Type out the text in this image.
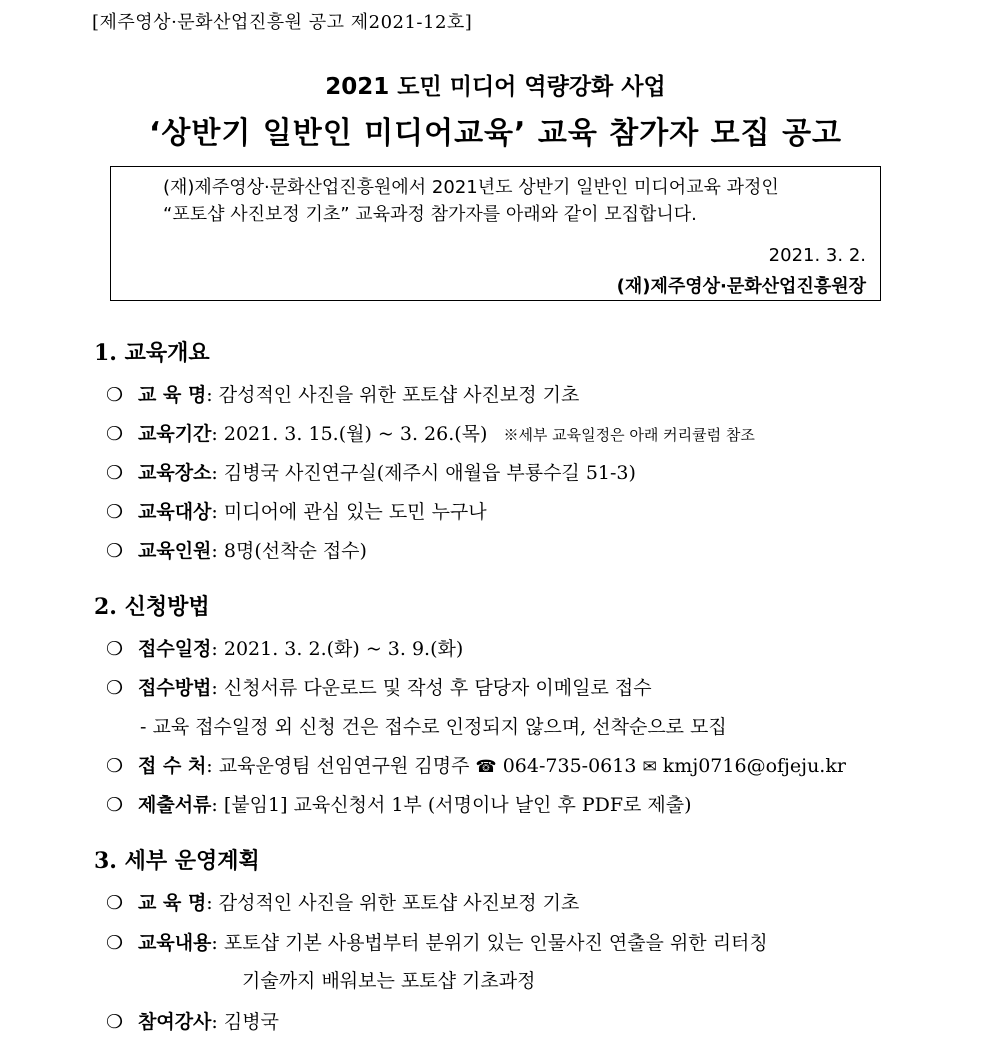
[제주영상·문화산업진흥원 공고 제2021-12호]
2021 도민 미디어 역량강화 사업
‘상반기 일반인 미디어교육’ 교육 참가자 모집 공고
(재)제주영상·문화산업진흥원에서 2021년도 상반기 일반인 미디어교육 과정인
“포토샵 사진보정 기초” 교육과정 참가자를 아래와 같이 모집합니다.
2021. 3. 2.
(재)제주영상·문화산업진흥원장
1. 교육개요
❍ 교 육 명: 감성적인 사진을 위한 포토샵 사진보정 기초
❍ 교육기간: 2021. 3. 15.(월) ~ 3. 26.(목) ※세부 교육일정은 아래 커리큘럼 참조
❍ 교육장소: 김병국 사진연구실(제주시 애월읍 부룡수길 51-3)
❍ 교육대상: 미디어에 관심 있는 도민 누구나
❍ 교육인원: 8명(선착순 접수)
2. 신청방법
❍ 접수일정: 2021. 3. 2.(화) ~ 3. 9.(화)
❍ 접수방법: 신청서류 다운로드 및 작성 후 담당자 이메일로 접수
- 교육 접수일정 외 신청 건은 접수로 인정되지 않으며, 선착순으로 모집
❍ 접 수 처: 교육운영팀 선임연구원 김명주 ☎ 064-735-0613 ✉ kmj0716@ofjeju.kr
❍ 제출서류: [붙임1] 교육신청서 1부 (서명이나 날인 후 PDF로 제출)
3. 세부 운영계획
❍ 교 육 명: 감성적인 사진을 위한 포토샵 사진보정 기초
❍ 교육내용: 포토샵 기본 사용법부터 분위기 있는 인물사진 연출을 위한 리터칭
기술까지 배워보는 포토샵 기초과정
❍ 참여강사: 김병국
